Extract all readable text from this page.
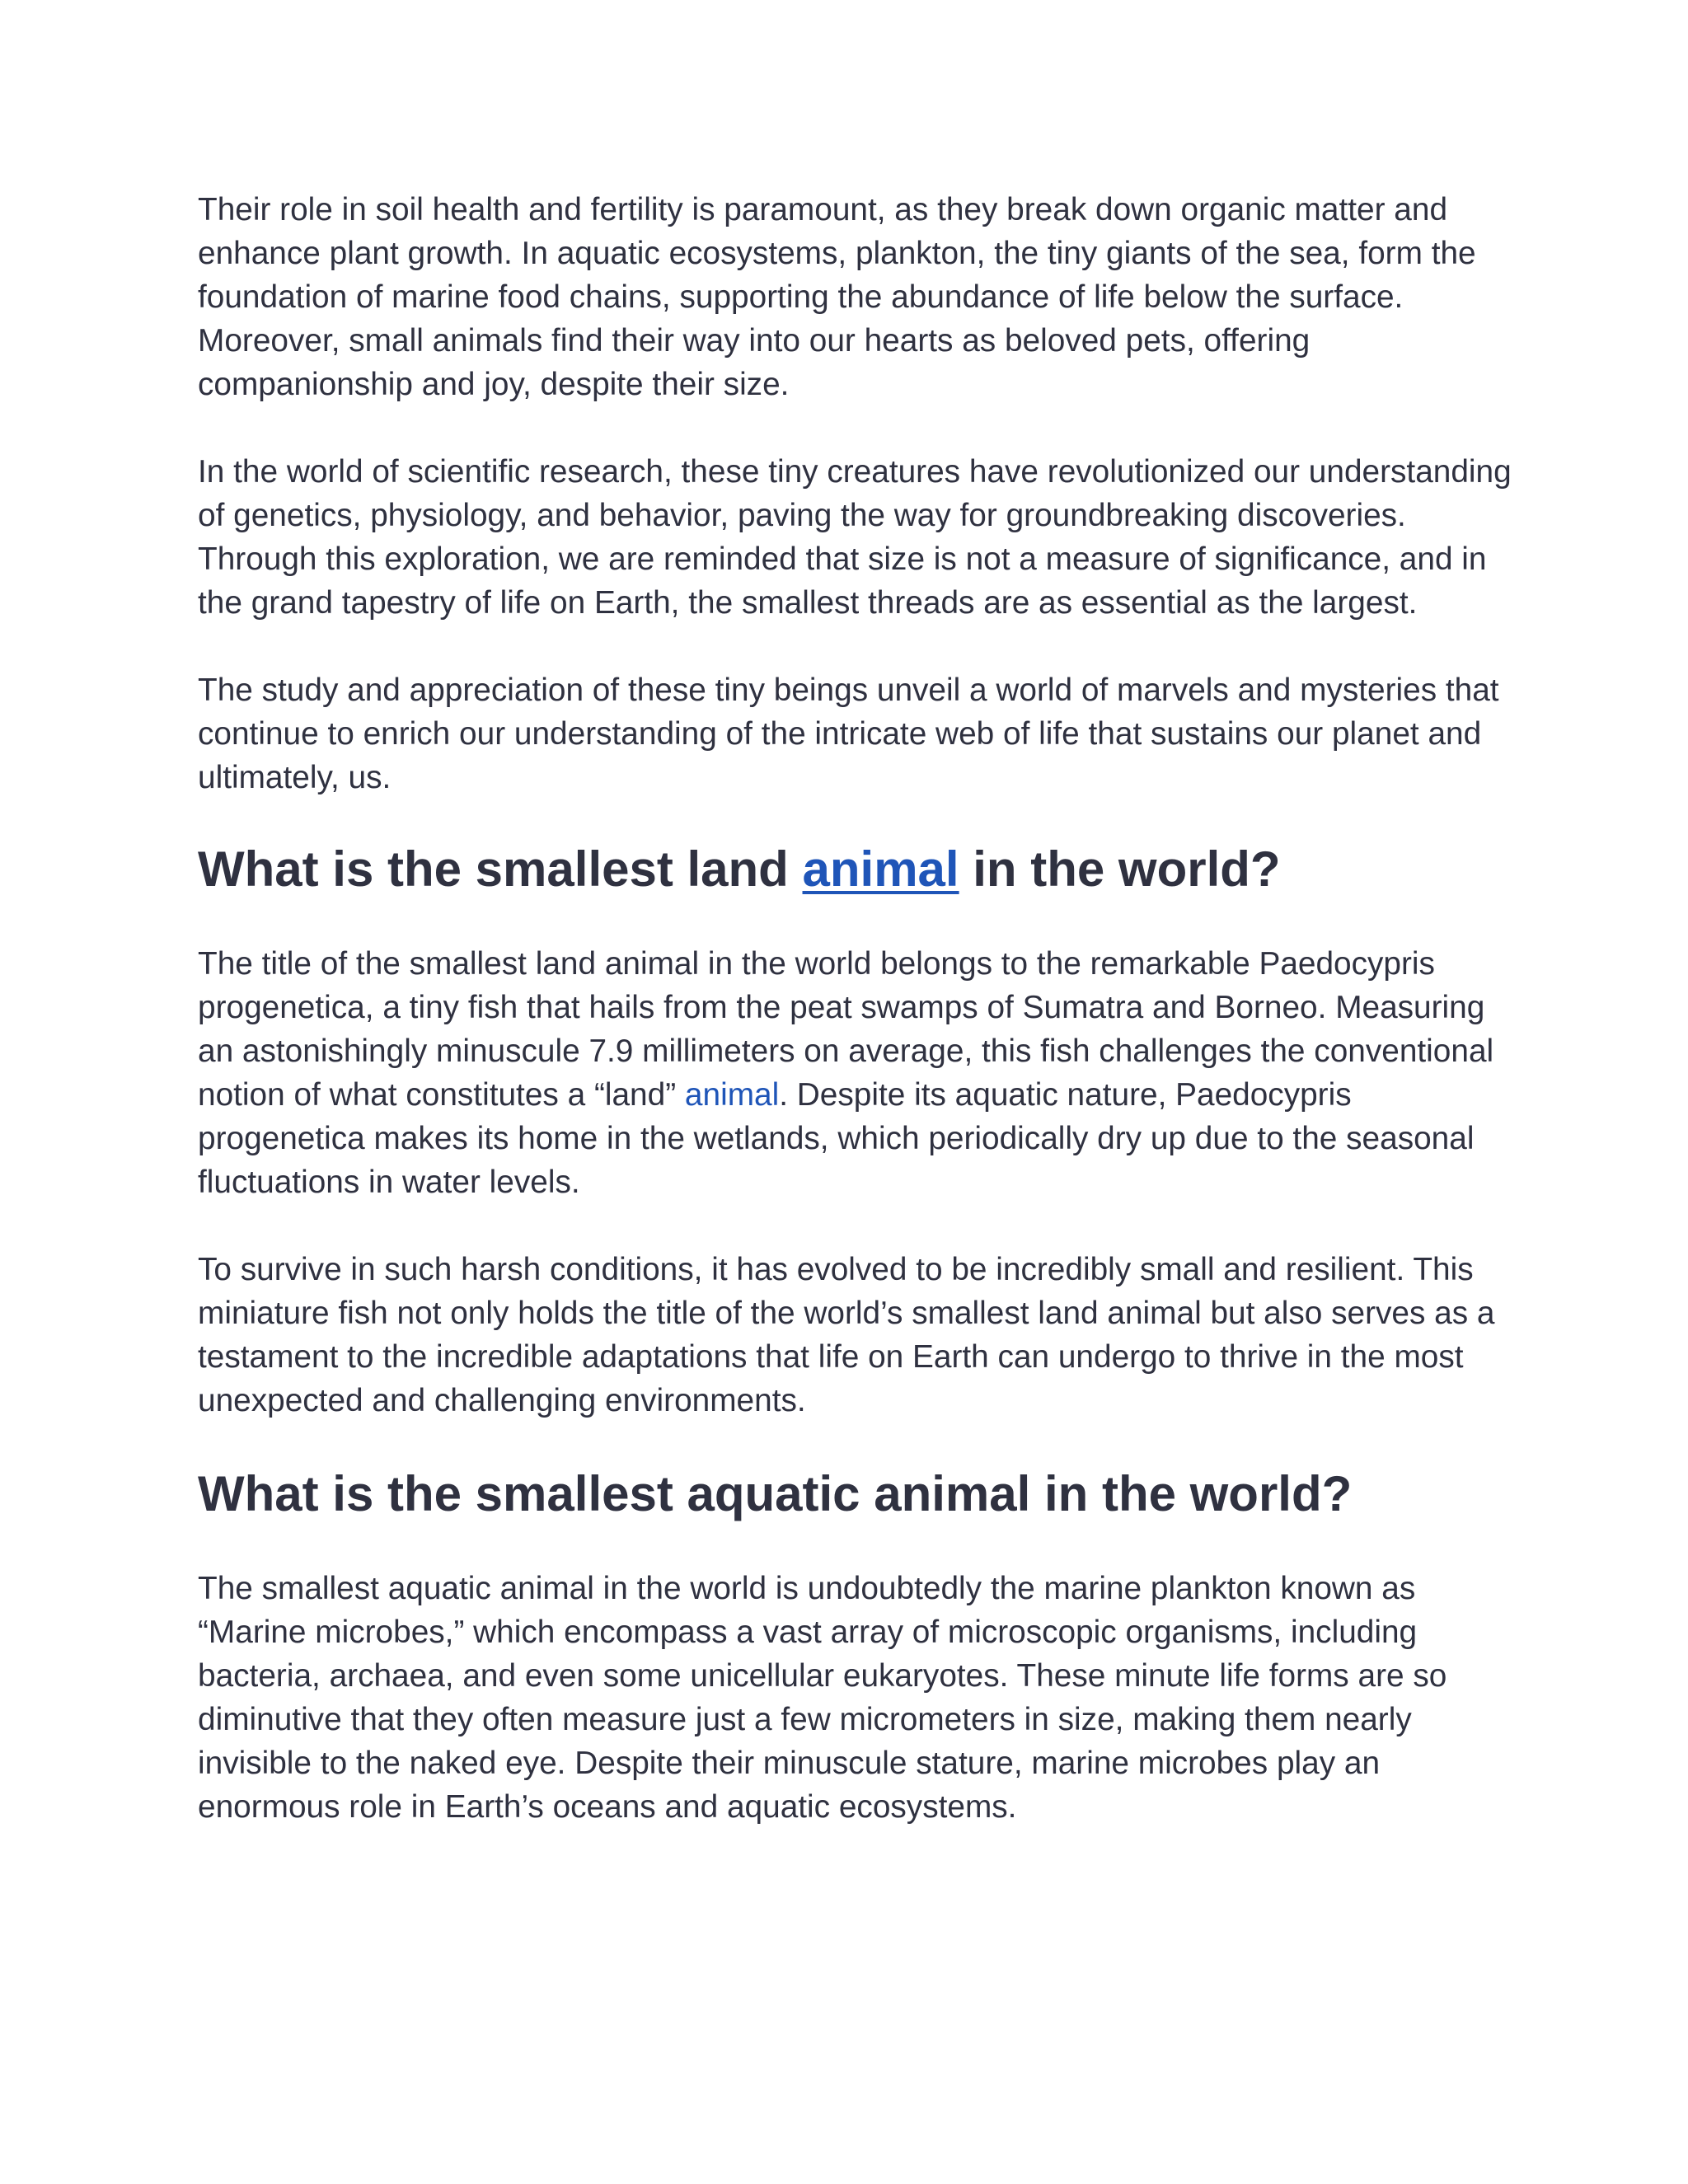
Their role in soil health and fertility is paramount, as they break down organic matter and enhance plant growth. In aquatic ecosystems, plankton, the tiny giants of the sea, form the foundation of marine food chains, supporting the abundance of life below the surface. Moreover, small animals find their way into our hearts as beloved pets, offering companionship and joy, despite their size.

In the world of scientific research, these tiny creatures have revolutionized our understanding of genetics, physiology, and behavior, paving the way for groundbreaking discoveries. Through this exploration, we are reminded that size is not a measure of significance, and in the grand tapestry of life on Earth, the smallest threads are as essential as the largest.

The study and appreciation of these tiny beings unveil a world of marvels and mysteries that continue to enrich our understanding of the intricate web of life that sustains our planet and ultimately, us.

What is the smallest land animal in the world?

The title of the smallest land animal in the world belongs to the remarkable Paedocypris progenetica, a tiny fish that hails from the peat swamps of Sumatra and Borneo. Measuring an astonishingly minuscule 7.9 millimeters on average, this fish challenges the conventional notion of what constitutes a “land” animal. Despite its aquatic nature, Paedocypris progenetica makes its home in the wetlands, which periodically dry up due to the seasonal fluctuations in water levels.

To survive in such harsh conditions, it has evolved to be incredibly small and resilient. This miniature fish not only holds the title of the world’s smallest land animal but also serves as a testament to the incredible adaptations that life on Earth can undergo to thrive in the most unexpected and challenging environments.

What is the smallest aquatic animal in the world?

The smallest aquatic animal in the world is undoubtedly the marine plankton known as “Marine microbes,” which encompass a vast array of microscopic organisms, including bacteria, archaea, and even some unicellular eukaryotes. These minute life forms are so diminutive that they often measure just a few micrometers in size, making them nearly invisible to the naked eye. Despite their minuscule stature, marine microbes play an enormous role in Earth’s oceans and aquatic ecosystems.
